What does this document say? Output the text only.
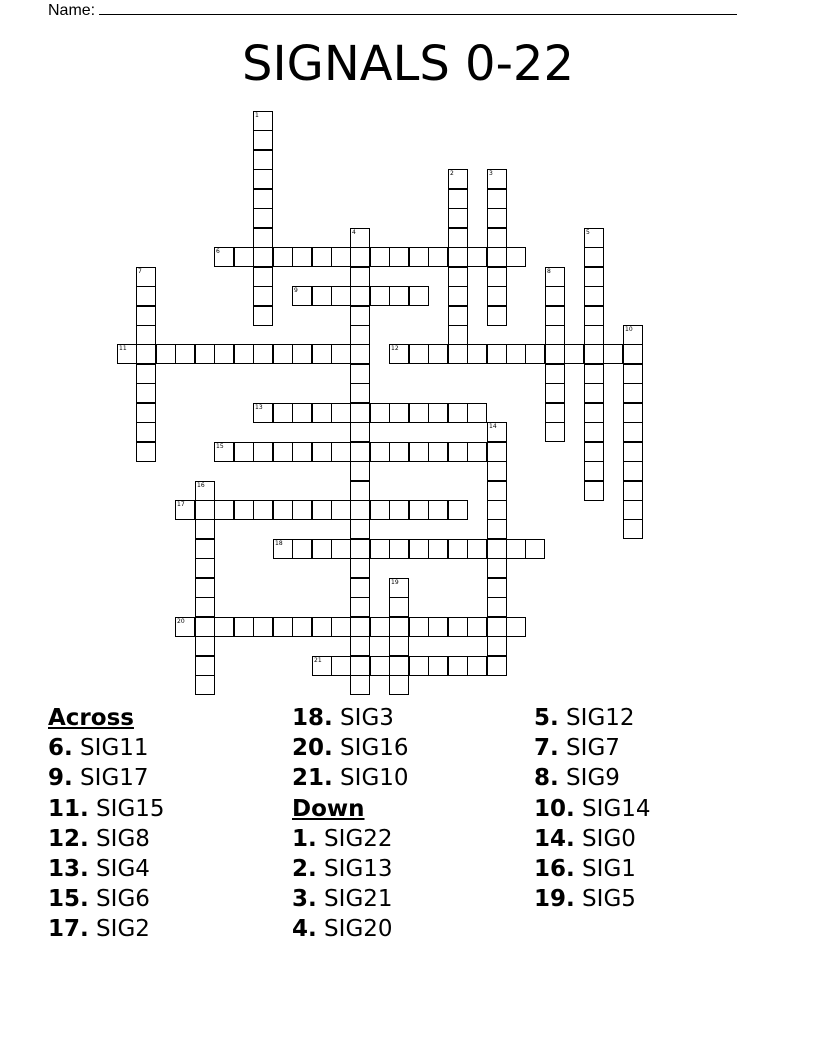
Name:
SIGNALS 0-22
1
2	3
4	5
6
7	8
9
10
11	12
13
14
15
16
17
18
19
20
21
Across
6. SIG11
9. SIG17
11. SIG15
12. SIG8
13. SIG4
15. SIG6
17. SIG2
18. SIG3
20. SIG16
21. SIG10
Down
1. SIG22
2. SIG13
3. SIG21
4. SIG20
5. SIG12
7. SIG7
8. SIG9
10. SIG14
14. SIG0
16. SIG1
19. SIG5
